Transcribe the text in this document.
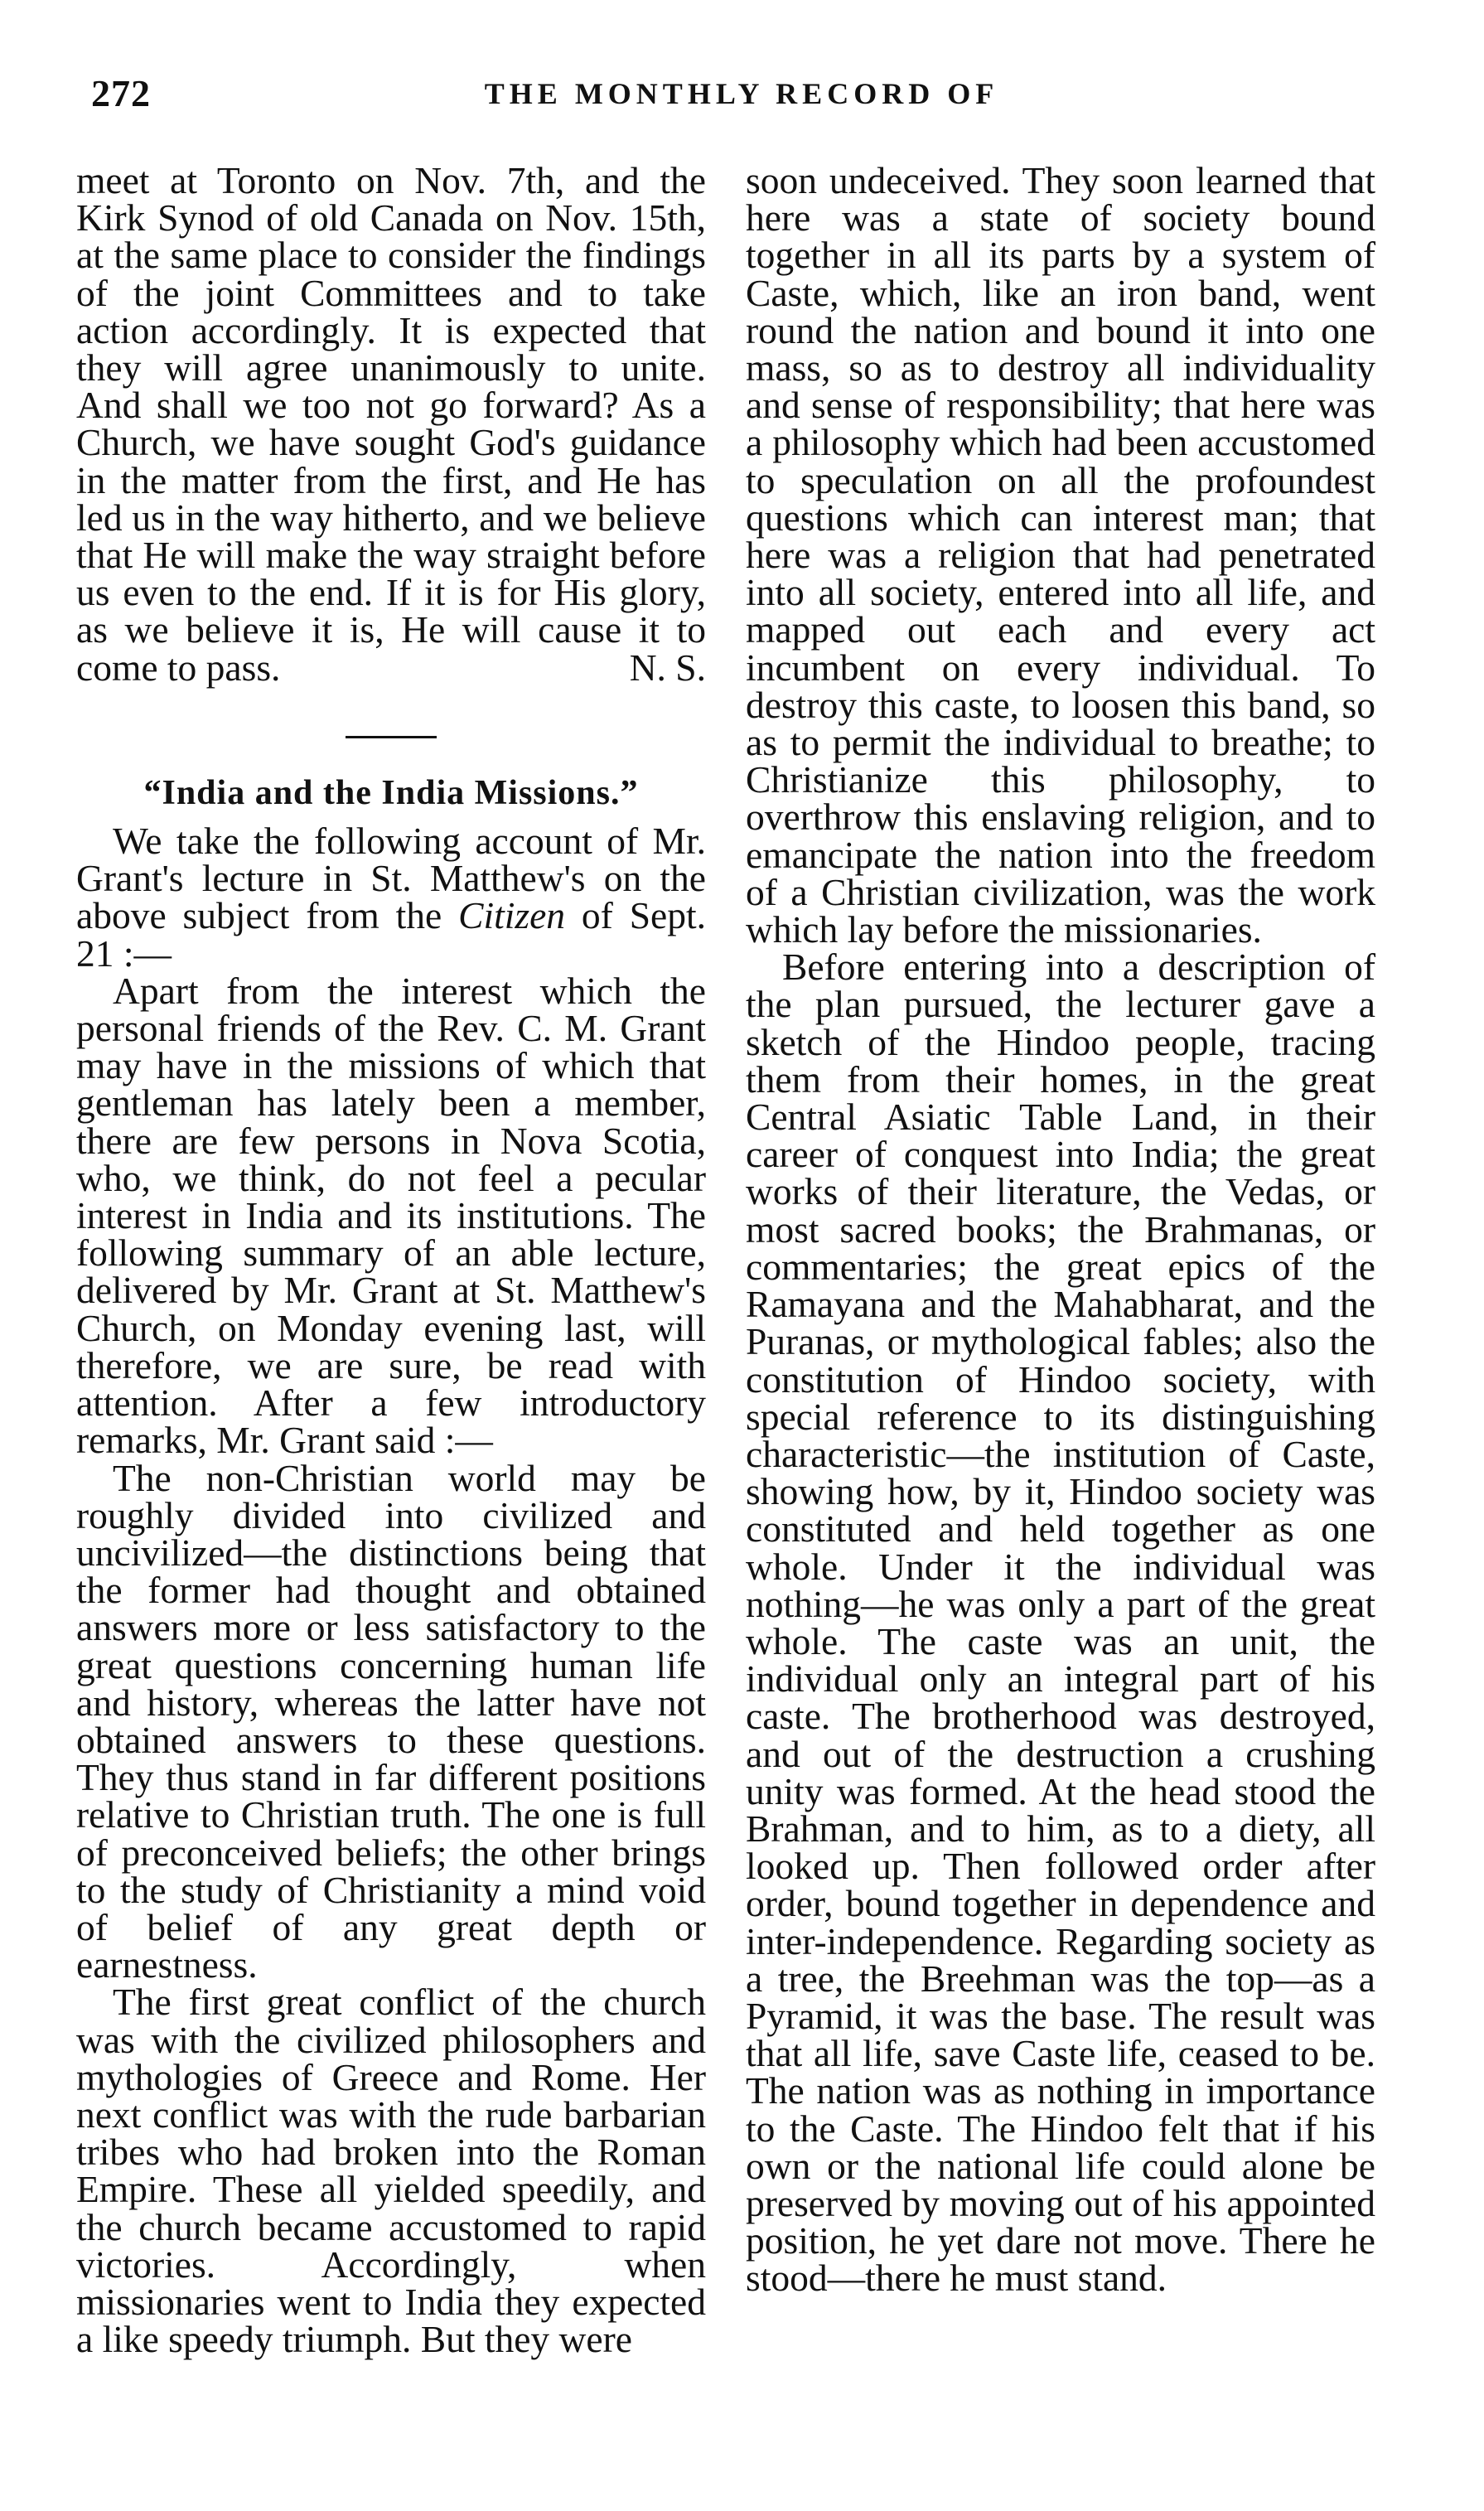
272	THE MONTHLY RECORD OF

meet at Toronto on Nov. 7th, and the Kirk Synod of old Canada on Nov. 15th, at the same place to consider the findings of the joint Committees and to take action accordingly. It is expected that they will agree unanimously to unite. And shall we too not go forward? As a Church, we have sought God's guidance in the matter from the first, and He has led us in the way hitherto, and we believe that He will make the way straight before us even to the end. If it is for His glory, as we believe it is, He will cause it to come to pass.	N. S.

“India and the India Missions.”

We take the following account of Mr. Grant's lecture in St. Matthew's on the above subject from the Citizen of Sept. 21 :—

Apart from the interest which the personal friends of the Rev. C. M. Grant may have in the missions of which that gentleman has lately been a member, there are few persons in Nova Scotia, who, we think, do not feel a pecular interest in India and its institutions. The following summary of an able lecture, delivered by Mr. Grant at St. Matthew's Church, on Monday evening last, will therefore, we are sure, be read with attention. After a few introductory remarks, Mr. Grant said :—

The non-Christian world may be roughly divided into civilized and uncivilized—the distinctions being that the former had thought and obtained answers more or less satisfactory to the great questions concerning human life and history, whereas the latter have not obtained answers to these questions. They thus stand in far different positions relative to Christian truth. The one is full of preconceived beliefs; the other brings to the study of Christianity a mind void of belief of any great depth or earnestness.

The first great conflict of the church was with the civilized philosophers and mythologies of Greece and Rome. Her next conflict was with the rude barbarian tribes who had broken into the Roman Empire. These all yielded speedily, and the church became accustomed to rapid victories. Accordingly, when missionaries went to India they expected a like speedy triumph. But they were

soon undeceived. They soon learned that here was a state of society bound together in all its parts by a system of Caste, which, like an iron band, went round the nation and bound it into one mass, so as to destroy all individuality and sense of responsibility; that here was a philosophy which had been accustomed to speculation on all the profoundest questions which can interest man; that here was a religion that had penetrated into all society, entered into all life, and mapped out each and every act incumbent on every individual. To destroy this caste, to loosen this band, so as to permit the individual to breathe; to Christianize this philosophy, to overthrow this enslaving religion, and to emancipate the nation into the freedom of a Christian civilization, was the work which lay before the missionaries.

Before entering into a description of the plan pursued, the lecturer gave a sketch of the Hindoo people, tracing them from their homes, in the great Central Asiatic Table Land, in their career of conquest into India; the great works of their literature, the Vedas, or most sacred books; the Brahmanas, or commentaries; the great epics of the Ramayana and the Mahabharat, and the Puranas, or mythological fables; also the constitution of Hindoo society, with special reference to its distinguishing characteristic—the institution of Caste, showing how, by it, Hindoo society was constituted and held together as one whole. Under it the individual was nothing—he was only a part of the great whole. The caste was an unit, the individual only an integral part of his caste. The brotherhood was destroyed, and out of the destruction a crushing unity was formed. At the head stood the Brahman, and to him, as to a diety, all looked up. Then followed order after order, bound together in dependence and inter-independence. Regarding society as a tree, the Breehman was the top—as a Pyramid, it was the base. The result was that all life, save Caste life, ceased to be. The nation was as nothing in importance to the Caste. The Hindoo felt that if his own or the national life could alone be preserved by moving out of his appointed position, he yet dare not move. There he stood—there he must stand.
